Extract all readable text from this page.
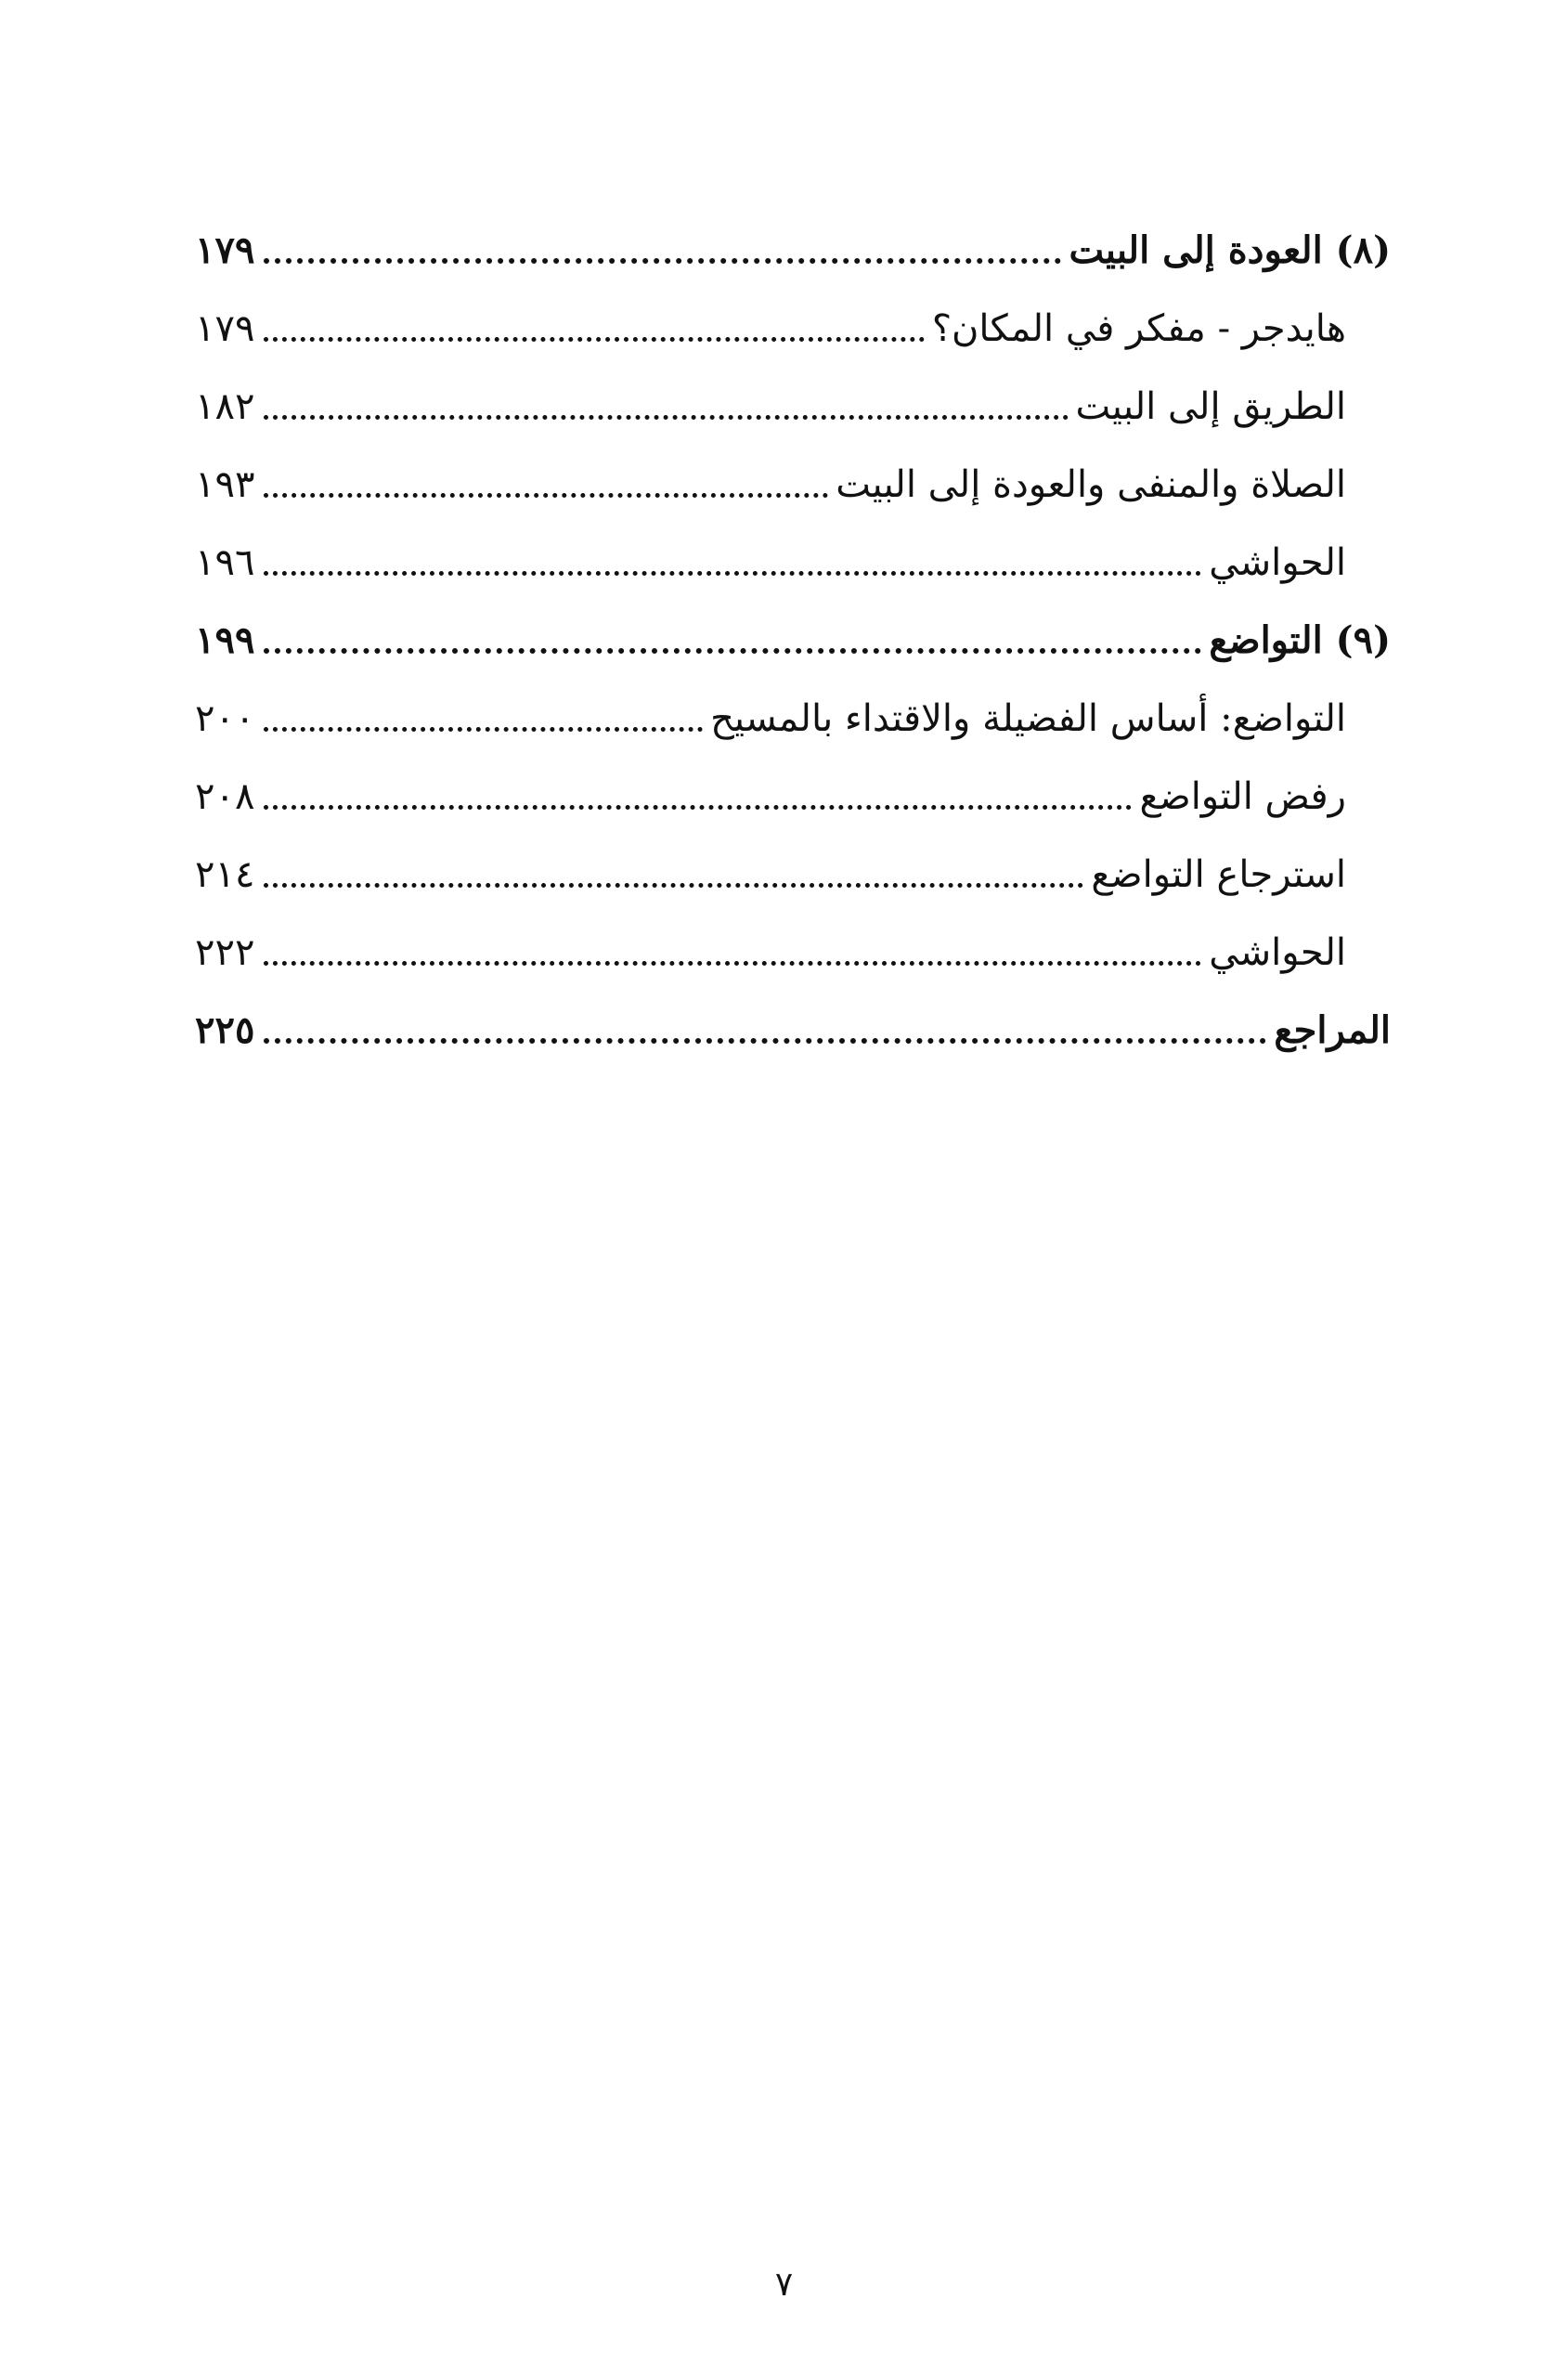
(٨) العودة إلى البيت
١٧٩
هايدجر - مفكر في المكان؟
١٧٩
الطريق إلى البيت
١٨٢
الصلاة والمنفى والعودة إلى البيت
١٩٣
الحواشي
١٩٦
(٩) التواضع
١٩٩
التواضع: أساس الفضيلة والاقتداء بالمسيح
٢٠٠
رفض التواضع
٢٠٨
استرجاع التواضع
٢١٤
الحواشي
٢٢٢
المراجع
٢٢٥
٧
